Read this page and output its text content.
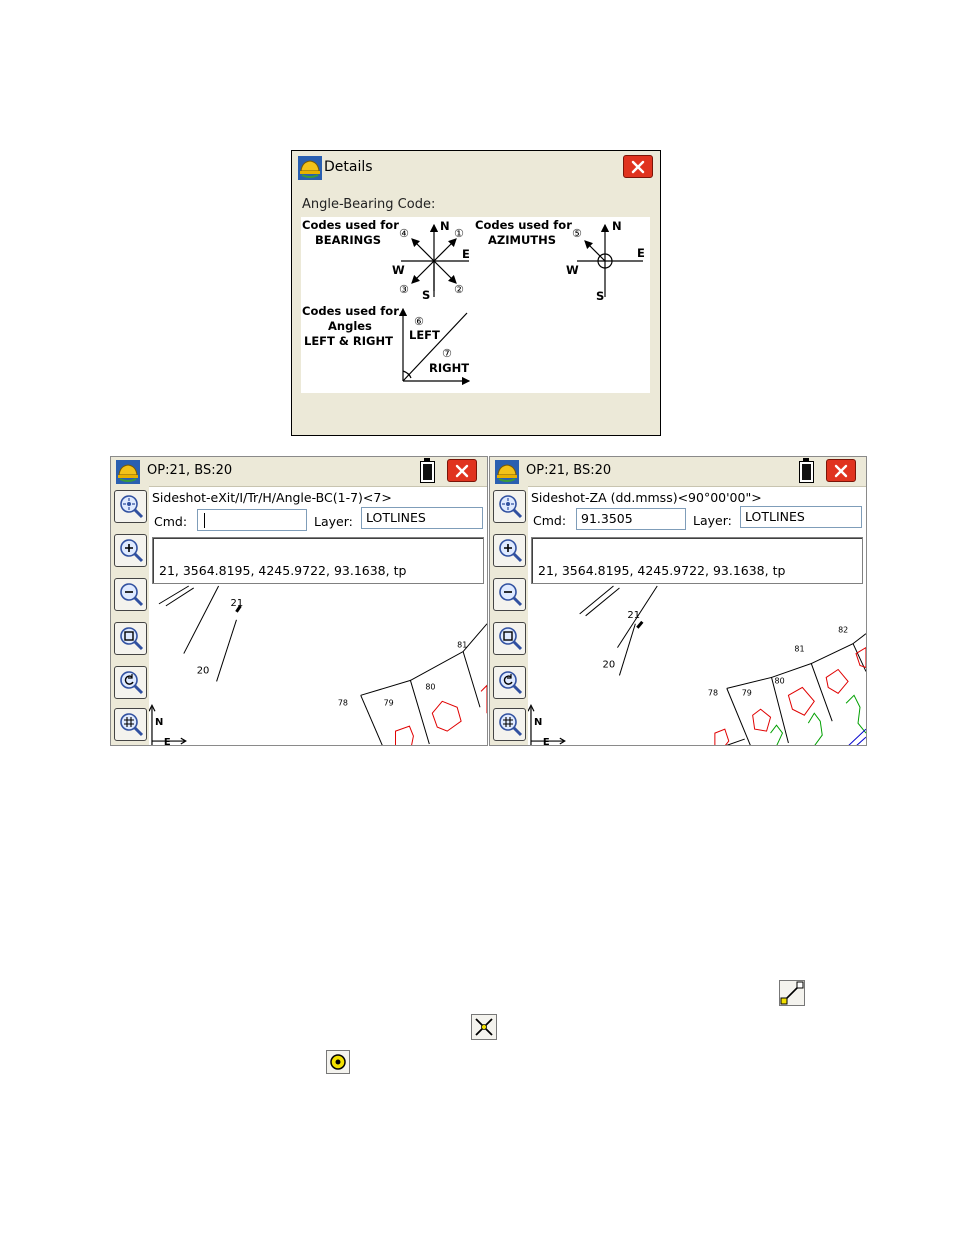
Details
Angle-Bearing Code:
Codes used for
BEARINGS
N
E
W
S
①
②
③
④
Codes used for
AZIMUTHS
N
E
W
S
⑤
Codes used for
Angles
LEFT & RIGHT
⑥
LEFT
⑦
RIGHT
OP:21, BS:20
Sideshot-eXit/I/Tr/H/Angle-BC(1-7)<7>
Cmd:	Layer:	LOTLINES
21, 3564.8195, 4245.9722, 93.1638, tp
21
20
81
78	79
80
N
E
OP:21, BS:20
Sideshot-ZA (dd.mmss)<90°00'00">
Cmd:	91.3505	Layer:	LOTLINES
21, 3564.8195, 4245.9722, 93.1638, tp
21
20
82
81
80
79
78
N
E
